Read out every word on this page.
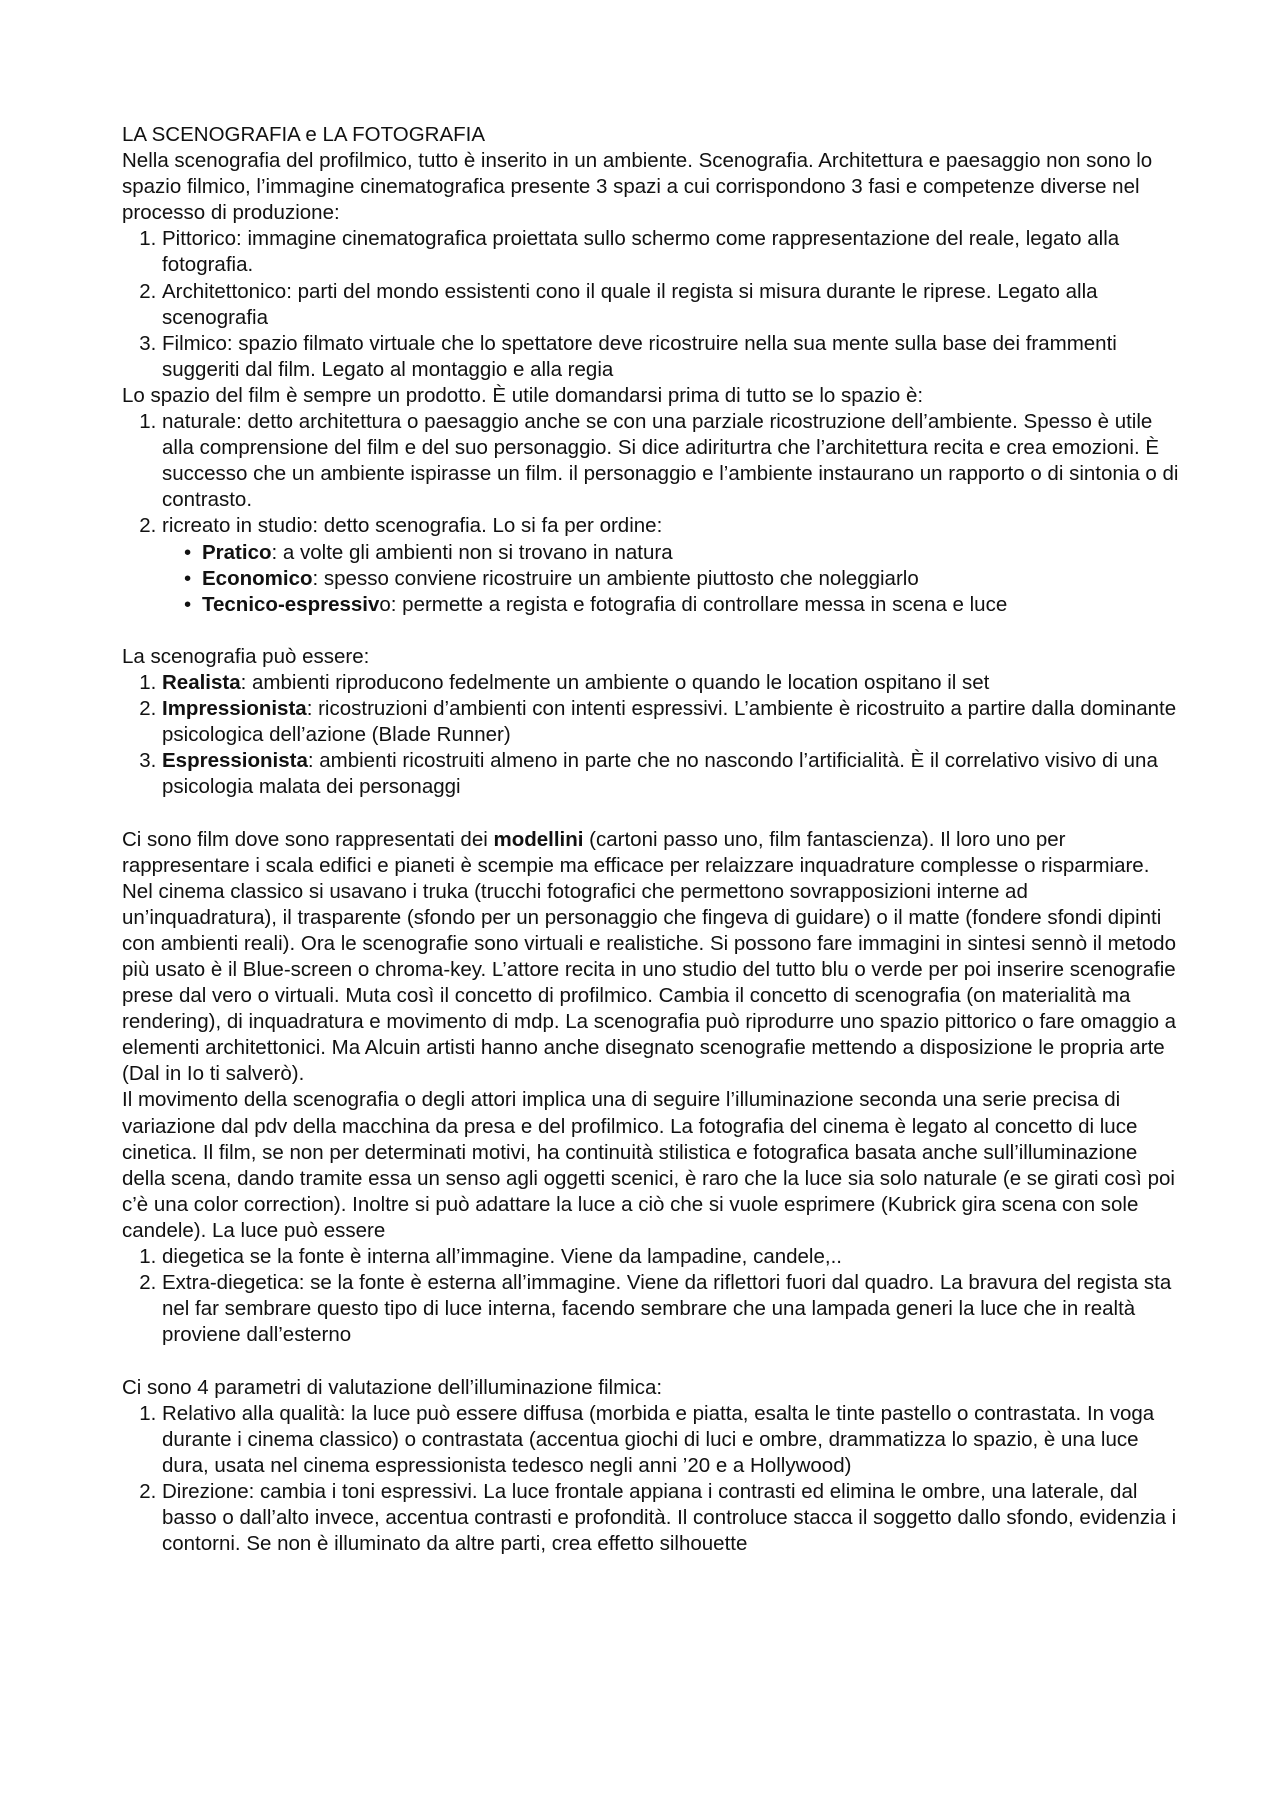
LA SCENOGRAFIA e LA FOTOGRAFIA

Nella scenografia del profilmico, tutto è inserito in un ambiente. Scenografia. Architettura e paesaggio non sono lo spazio filmico, l’immagine cinematografica presente 3 spazi a cui corrispondono 3 fasi e competenze diverse nel processo di produzione:

1. Pittorico: immagine cinematografica proiettata sullo schermo come rappresentazione del reale, legato alla fotografia.
2. Architettonico: parti del mondo essistenti cono il quale il regista si misura durante le riprese. Legato alla scenografia
3. Filmico: spazio filmato virtuale che lo spettatore deve ricostruire nella sua mente sulla base dei frammenti suggeriti dal film. Legato al montaggio e alla regia

Lo spazio del film è sempre un prodotto. È utile domandarsi prima di tutto se lo spazio è:

1. naturale: detto architettura o paesaggio anche se con una parziale ricostruzione dell’ambiente. Spesso è utile alla comprensione del film e del suo personaggio. Si dice adiriturtra che l’architettura recita e crea emozioni. È successo che un ambiente ispirasse un film. il personaggio e l’ambiente instaurano un rapporto o di sintonia o di contrasto.
2. ricreato in studio: detto scenografia. Lo si fa per ordine:
• Pratico: a volte gli ambienti non si trovano in natura
• Economico: spesso conviene ricostruire un ambiente piuttosto che noleggiarlo
• Tecnico-espressivo: permette a regista e fotografia di controllare messa in scena e luce

La scenografia può essere:

1. Realista: ambienti riproducono fedelmente un ambiente o quando le location ospitano il set
2. Impressionista: ricostruzioni d’ambienti con intenti espressivi. L’ambiente è ricostruito a partire dalla dominante psicologica dell’azione (Blade Runner)
3. Espressionista: ambienti ricostruiti almeno in parte che no nascondo l’artificialità. È il correlativo visivo di una psicologia malata dei personaggi

Ci sono film dove sono rappresentati dei modellini (cartoni passo uno, film fantascienza). Il loro uno per rappresentare i scala edifici e pianeti è scempie ma efficace per relaizzare inquadrature complesse o risparmiare.

Nel cinema classico si usavano i truka (trucchi fotografici che permettono sovrapposizioni interne ad un’inquadratura), il trasparente (sfondo per un personaggio che fingeva di guidare) o il matte (fondere sfondi dipinti con ambienti reali). Ora le scenografie sono virtuali e realistiche. Si possono fare immagini in sintesi sennò il metodo più usato è il Blue-screen o chroma-key. L’attore recita in uno studio del tutto blu o verde per poi inserire scenografie prese dal vero o virtuali. Muta così il concetto di profilmico. Cambia il concetto di scenografia (on materialità ma rendering), di inquadratura e movimento di mdp. La scenografia può riprodurre uno spazio pittorico o fare omaggio a elementi architettonici. Ma Alcuin artisti hanno anche disegnato scenografie mettendo a disposizione le propria arte (Dal in Io ti salverò).

Il movimento della scenografia o degli attori implica una di seguire l’illuminazione seconda una serie precisa di variazione dal pdv della macchina da presa e del profilmico. La fotografia del cinema è legato al concetto di luce cinetica. Il film, se non per determinati motivi, ha continuità stilistica e fotografica basata anche sull’illuminazione della scena, dando tramite essa un senso agli oggetti scenici, è raro che la luce sia solo naturale (e se girati così poi c’è una color correction). Inoltre si può adattare la luce a ciò che si vuole esprimere (Kubrick gira scena con sole candele). La luce può essere

1. diegetica se la fonte è interna all’immagine. Viene da lampadine, candele,..
2. Extra-diegetica: se la fonte è esterna all’immagine. Viene da riflettori fuori dal quadro. La bravura del regista sta nel far sembrare questo tipo di luce interna, facendo sembrare che una lampada generi la luce che in realtà proviene dall’esterno

Ci sono 4 parametri di valutazione dell’illuminazione filmica:

1. Relativo alla qualità: la luce può essere diffusa (morbida e piatta, esalta le tinte pastello o contrastata. In voga durante i cinema classico) o contrastata (accentua giochi di luci e ombre, drammatizza lo spazio, è una luce dura, usata nel cinema espressionista tedesco negli anni ’20 e a Hollywood)
2. Direzione: cambia i toni espressivi. La luce frontale appiana i contrasti ed elimina le ombre, una laterale, dal basso o dall’alto invece, accentua contrasti e profondità. Il controluce stacca il soggetto dallo sfondo, evidenzia i contorni. Se non è illuminato da altre parti, crea effetto silhouette
